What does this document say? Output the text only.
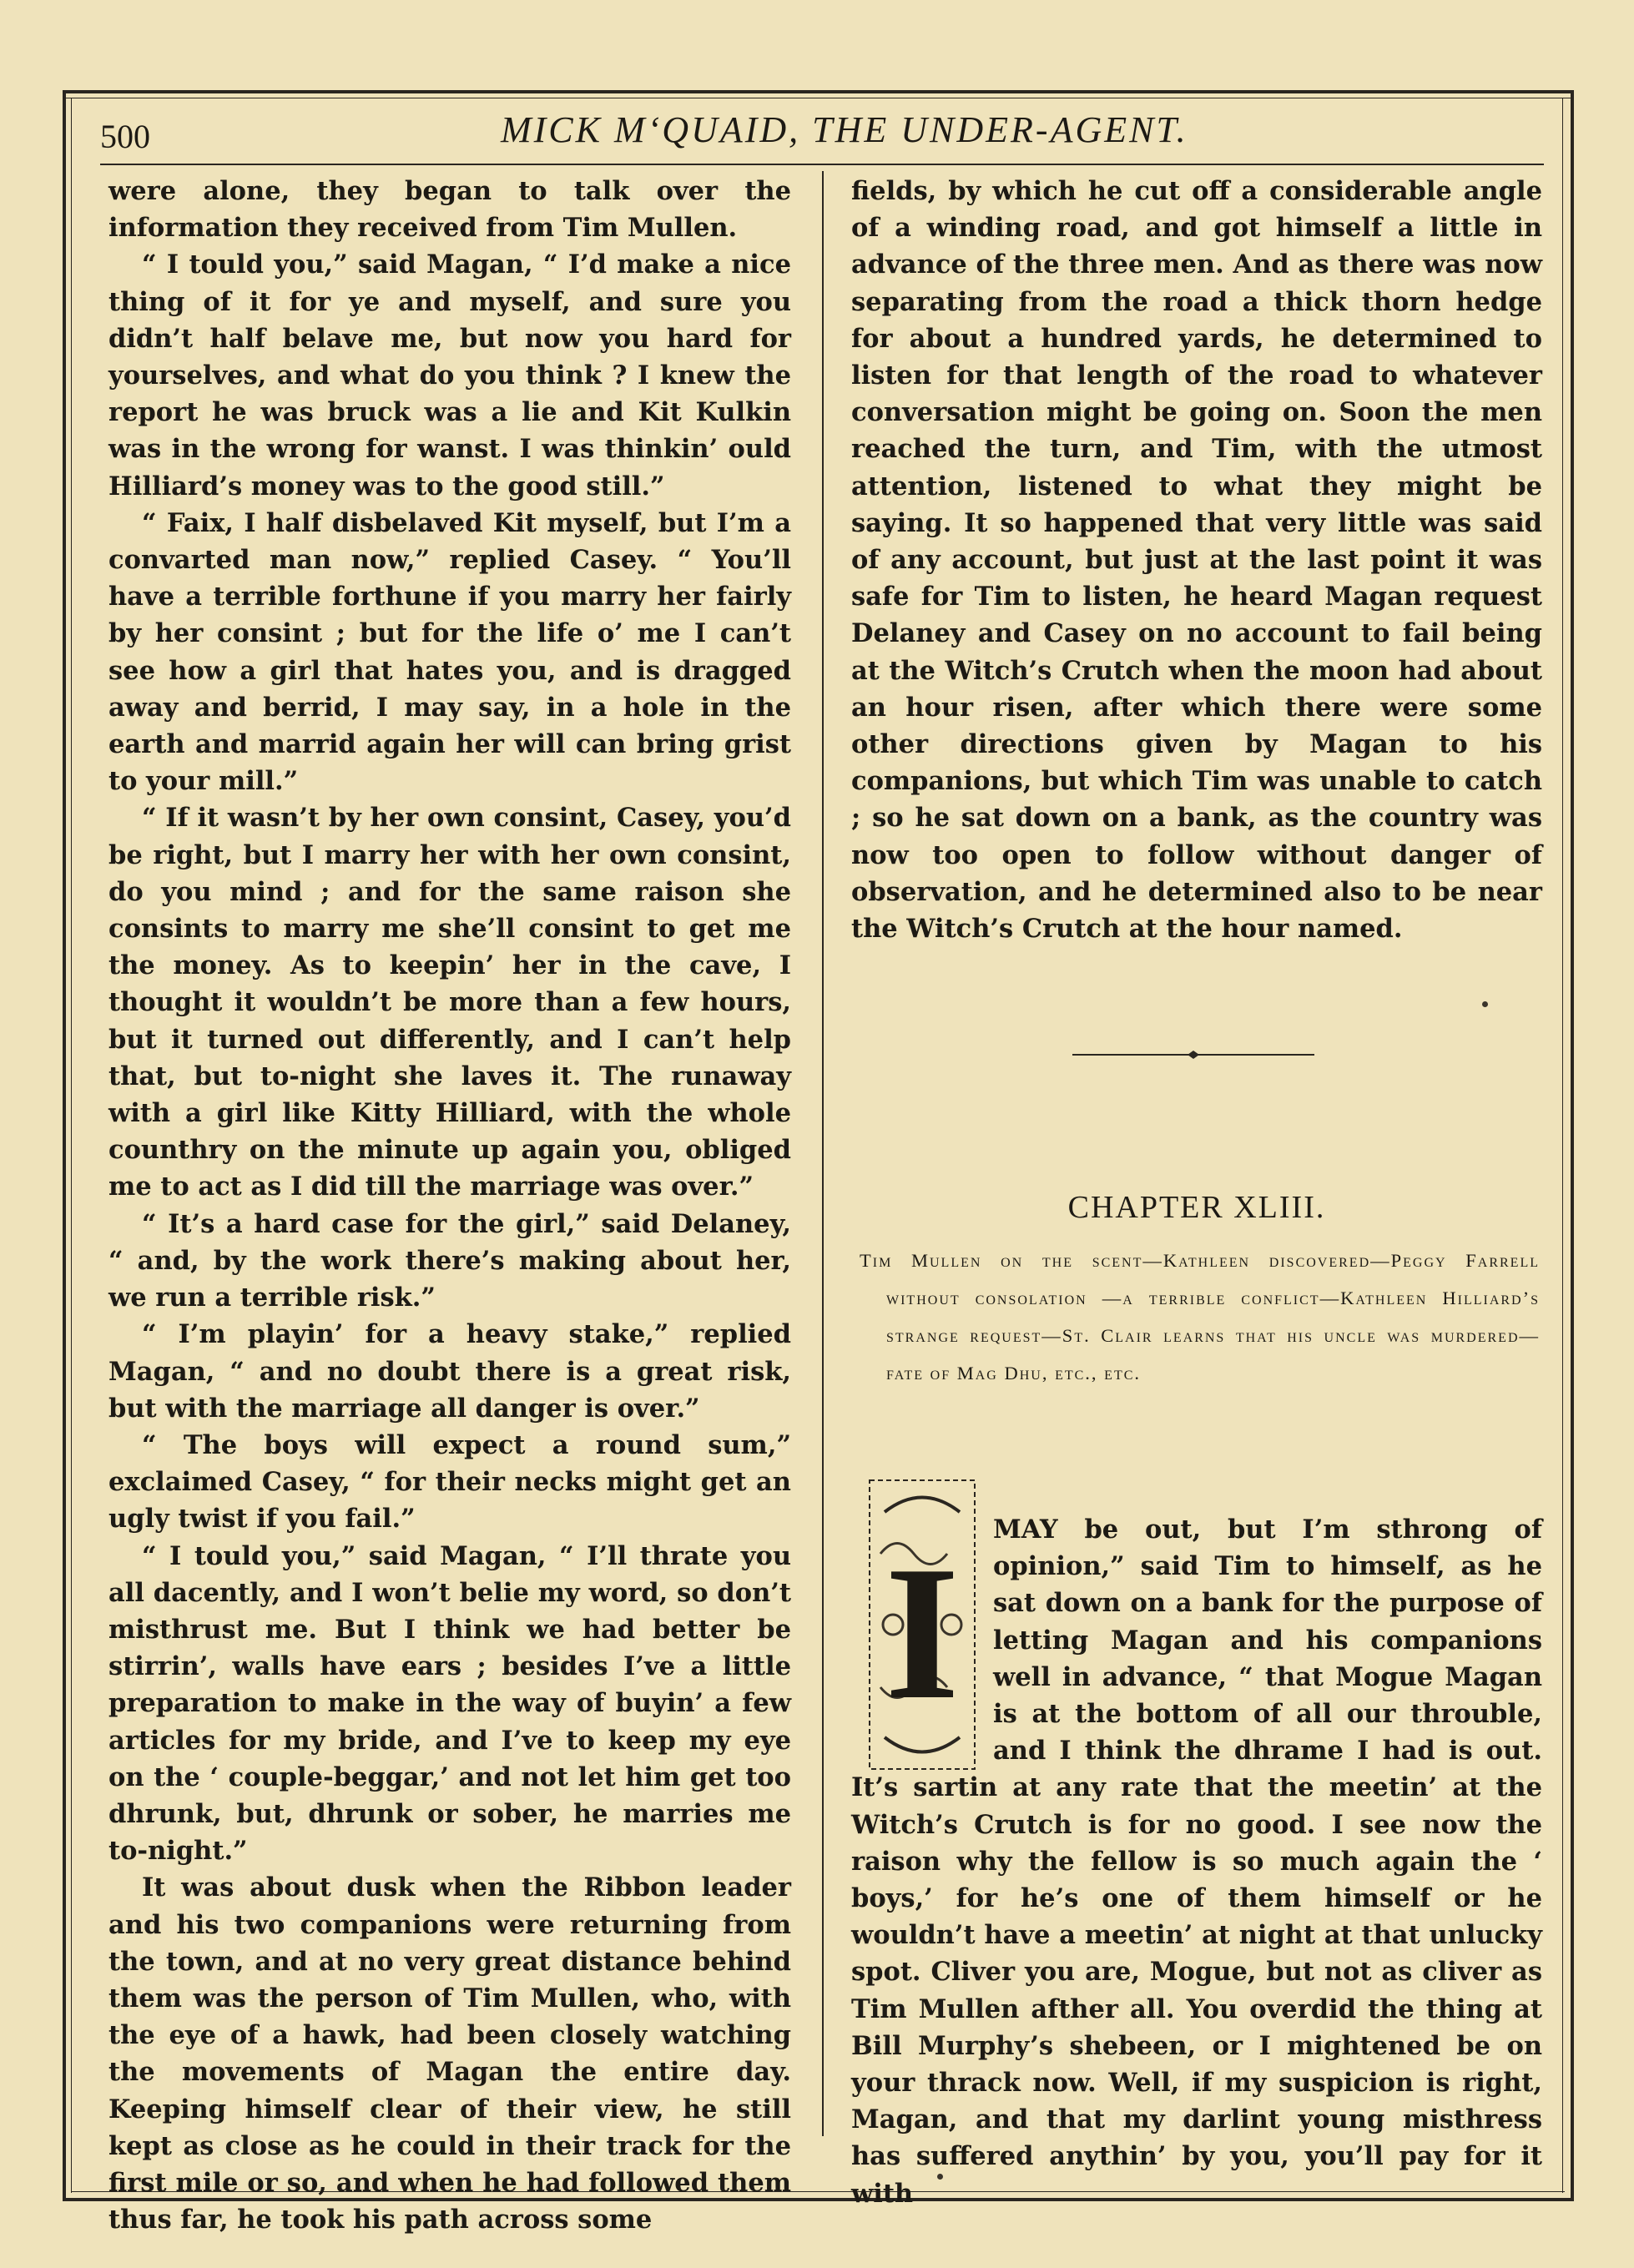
500	MICK M‘QUAID, THE UNDER-AGENT.

were alone, they began to talk over the information they received from Tim Mullen.

“ I tould you,” said Magan, “ I’d make a nice thing of it for ye and myself, and sure you didn’t half belave me, but now you hard for yourselves, and what do you think ? I knew the report he was bruck was a lie and Kit Kulkin was in the wrong for wanst. I was thinkin’ ould Hilliard’s money was to the good still.”

“ Faix, I half disbelaved Kit myself, but I’m a convarted man now,” replied Casey. “ You’ll have a terrible forthune if you marry her fairly by her consint ; but for the life o’ me I can’t see how a girl that hates you, and is dragged away and berrid, I may say, in a hole in the earth and marrid again her will can bring grist to your mill.”

“ If it wasn’t by her own consint, Casey, you’d be right, but I marry her with her own consint, do you mind ; and for the same raison she consints to marry me she’ll consint to get me the money. As to keepin’ her in the cave, I thought it wouldn’t be more than a few hours, but it turned out differently, and I can’t help that, but to-night she laves it. The runaway with a girl like Kitty Hilliard, with the whole counthry on the minute up again you, obliged me to act as I did till the marriage was over.”

“ It’s a hard case for the girl,” said Delaney, “ and, by the work there’s making about her, we run a terrible risk.”

“ I’m playin’ for a heavy stake,” replied Magan, “ and no doubt there is a great risk, but with the marriage all danger is over.”

“ The boys will expect a round sum,” exclaimed Casey, “ for their necks might get an ugly twist if you fail.”

“ I tould you,” said Magan, “ I’ll thrate you all dacently, and I won’t belie my word, so don’t misthrust me. But I think we had better be stirrin’, walls have ears ; besides I’ve a little preparation to make in the way of buyin’ a few articles for my bride, and I’ve to keep my eye on the ‘ couple-beggar,’ and not let him get too dhrunk, but, dhrunk or sober, he marries me to-night.”

It was about dusk when the Ribbon leader and his two companions were returning from the town, and at no very great distance behind them was the person of Tim Mullen, who, with the eye of a hawk, had been closely watching the movements of Magan the entire day. Keeping himself clear of their view, he still kept as close as he could in their track for the first mile or so, and when he had followed them thus far, he took his path across some

fields, by which he cut off a considerable angle of a winding road, and got himself a little in advance of the three men. And as there was now separating from the road a thick thorn hedge for about a hundred yards, he determined to listen for that length of the road to whatever conversation might be going on. Soon the men reached the turn, and Tim, with the utmost attention, listened to what they might be saying. It so happened that very little was said of any account, but just at the last point it was safe for Tim to listen, he heard Magan request Delaney and Casey on no account to fail being at the Witch’s Crutch when the moon had about an hour risen, after which there were some other directions given by Magan to his companions, but which Tim was unable to catch ; so he sat down on a bank, as the country was now too open to follow without danger of observation, and he determined also to be near the Witch’s Crutch at the hour named.

CHAPTER XLIII.

Tim Mullen on the scent—Kathleen discovered—Peggy Farrell without consolation —a terrible conflict—Kathleen Hilliard’s strange request—St. Clair learns that his uncle was murdered—fate of Mag Dhu, etc., etc.

I	MAY be out, but I’m sthrong of opinion,” said Tim to himself, as he sat down on a bank for the purpose of letting Magan and his companions well in advance, “ that Mogue Magan is at the bottom of all our throuble, and I think the dhrame I had is out. It’s sartin at any rate that the meetin’ at the Witch’s Crutch is for no good. I see now the raison why the fellow is so much again the ‘ boys,’ for he’s one of them himself or he wouldn’t have a meetin’ at night at that unlucky spot. Cliver you are, Mogue, but not as cliver as Tim Mullen afther all. You overdid the thing at Bill Murphy’s shebeen, or I mightened be on your thrack now. Well, if my suspicion is right, Magan, and that my darlint young misthress has suffered anythin’ by you, you’ll pay for it with
